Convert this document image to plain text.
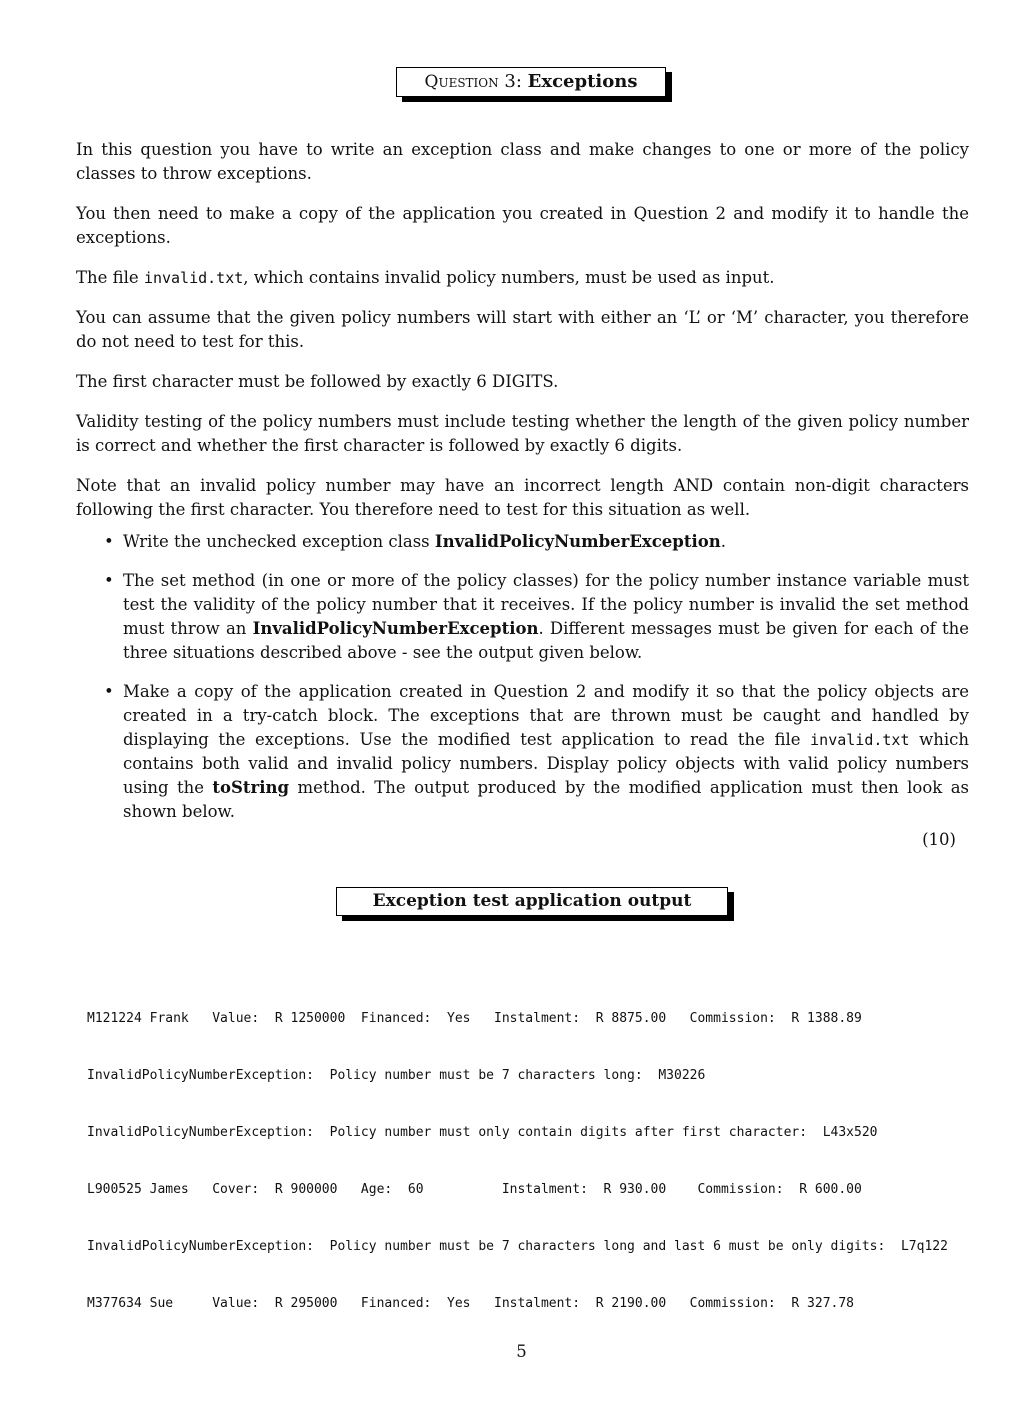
Question 3: Exceptions

In this question you have to write an exception class and make changes to one or more of the policy classes to throw exceptions.

You then need to make a copy of the application you created in Question 2 and modify it to handle the exceptions.

The file invalid.txt, which contains invalid policy numbers, must be used as input.

You can assume that the given policy numbers will start with either an ‘L’ or ‘M’ character, you therefore do not need to test for this.

The first character must be followed by exactly 6 DIGITS.

Validity testing of the policy numbers must include testing whether the length of the given policy number is correct and whether the first character is followed by exactly 6 digits.

Note that an invalid policy number may have an incorrect length AND contain non-digit characters following the first character. You therefore need to test for this situation as well.

• Write the unchecked exception class InvalidPolicyNumberException.
• The set method (in one or more of the policy classes) for the policy number instance variable must test the validity of the policy number that it receives. If the policy number is invalid the set method must throw an InvalidPolicyNumberException. Different messages must be given for each of the three situations described above - see the output given below.
• Make a copy of the application created in Question 2 and modify it so that the policy objects are created in a try-catch block. The exceptions that are thrown must be caught and handled by displaying the exceptions. Use the modified test application to read the file invalid.txt which contains both valid and invalid policy numbers. Display policy objects with valid policy numbers using the toString method. The output produced by the modified application must then look as shown below.
(10)
Exception test application output

M121224 Frank   Value:  R 1250000  Financed:  Yes   Instalment:  R 8875.00   Commission:  R 1388.89

InvalidPolicyNumberException:  Policy number must be 7 characters long:  M30226

InvalidPolicyNumberException:  Policy number must only contain digits after first character:  L43x520

L900525 James   Cover:  R 900000   Age:  60          Instalment:  R 930.00    Commission:  R 600.00

InvalidPolicyNumberException:  Policy number must be 7 characters long and last 6 must be only digits:  L7q122

M377634 Sue     Value:  R 295000   Financed:  Yes   Instalment:  R 2190.00   Commission:  R 327.78

5
